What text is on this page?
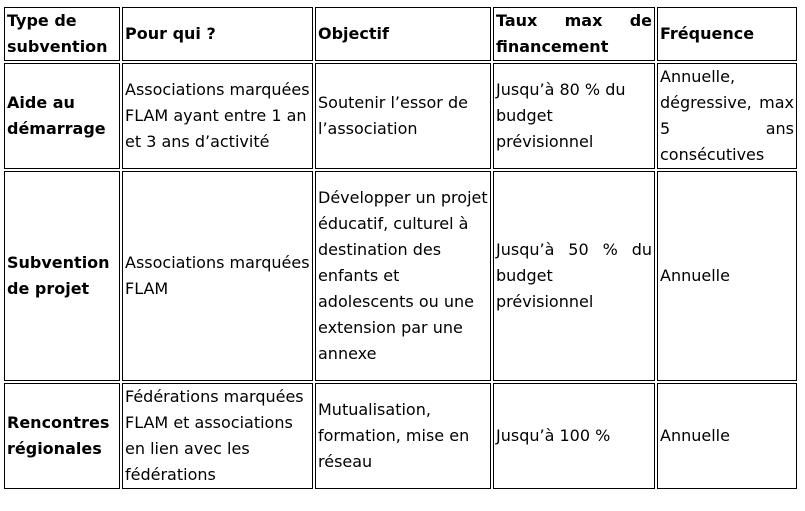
Type de subvention	Pour qui ?	Objectif	Taux max de financement	Fréquence
Aide au démarrage	Associations marquées FLAM ayant entre 1 an et 3 ans d’activité	Soutenir l’essor de l’association	Jusqu’à 80 % du budget prévisionnel	Annuelle, dégressive, max 5 ans consécutives
Subvention de projet	Associations marquées FLAM	Développer un projet éducatif, culturel à destination des enfants et adolescents ou une extension par une annexe	Jusqu’à 50 % du budget prévisionnel	Annuelle
Rencontres régionales	Fédérations marquées FLAM et associations en lien avec les fédérations	Mutualisation, formation, mise en réseau	Jusqu’à 100 %	Annuelle
